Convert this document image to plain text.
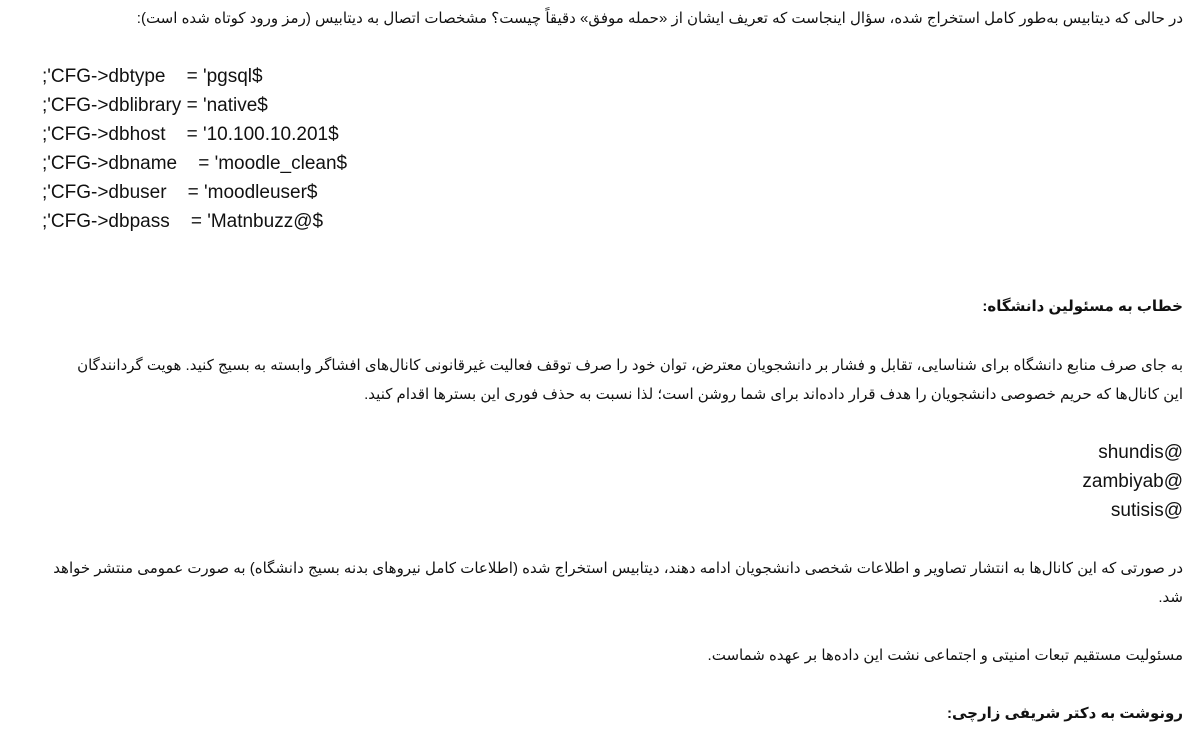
در حالی که دیتابیس به‌طور کامل استخراج شده، سؤال اینجاست که تعریف ایشان از «حمله موفق» دقیقاً چیست؟ مشخصات اتصال به دیتابیس (رمز ورود کوتاه شده است):
;'CFG->dbtype    = 'pgsql$
;'CFG->dblibrary = 'native$
;'CFG->dbhost    = '10.100.10.201$
;'CFG->dbname    = 'moodle_clean$
;'CFG->dbuser    = 'moodleuser$
;'CFG->dbpass    = 'Matnbuzz@$
خطاب به مسئولین دانشگاه:
به جای صرف منابع دانشگاه برای شناسایی، تقابل و فشار بر دانشجویان معترض، توان خود را صرف توقف فعالیت غیرقانونی کانال‌های افشاگر وابسته به بسیج کنید. هویت گردانندگان
این کانال‌ها که حریم خصوصی دانشجویان را هدف قرار داده‌اند برای شما روشن است؛ لذا نسبت به حذف فوری این بسترها اقدام کنید.
shundis@
zambiyab@
sutisis@
در صورتی که این کانال‌ها به انتشار تصاویر و اطلاعات شخصی دانشجویان ادامه دهند، دیتابیس استخراج شده (اطلاعات کامل نیروهای بدنه بسیج دانشگاه) به صورت عمومی منتشر خواهد شد.
مسئولیت مستقیم تبعات امنیتی و اجتماعی نشت این داده‌ها بر عهده شماست.
رونوشت به دکتر شریفی زارچی:
